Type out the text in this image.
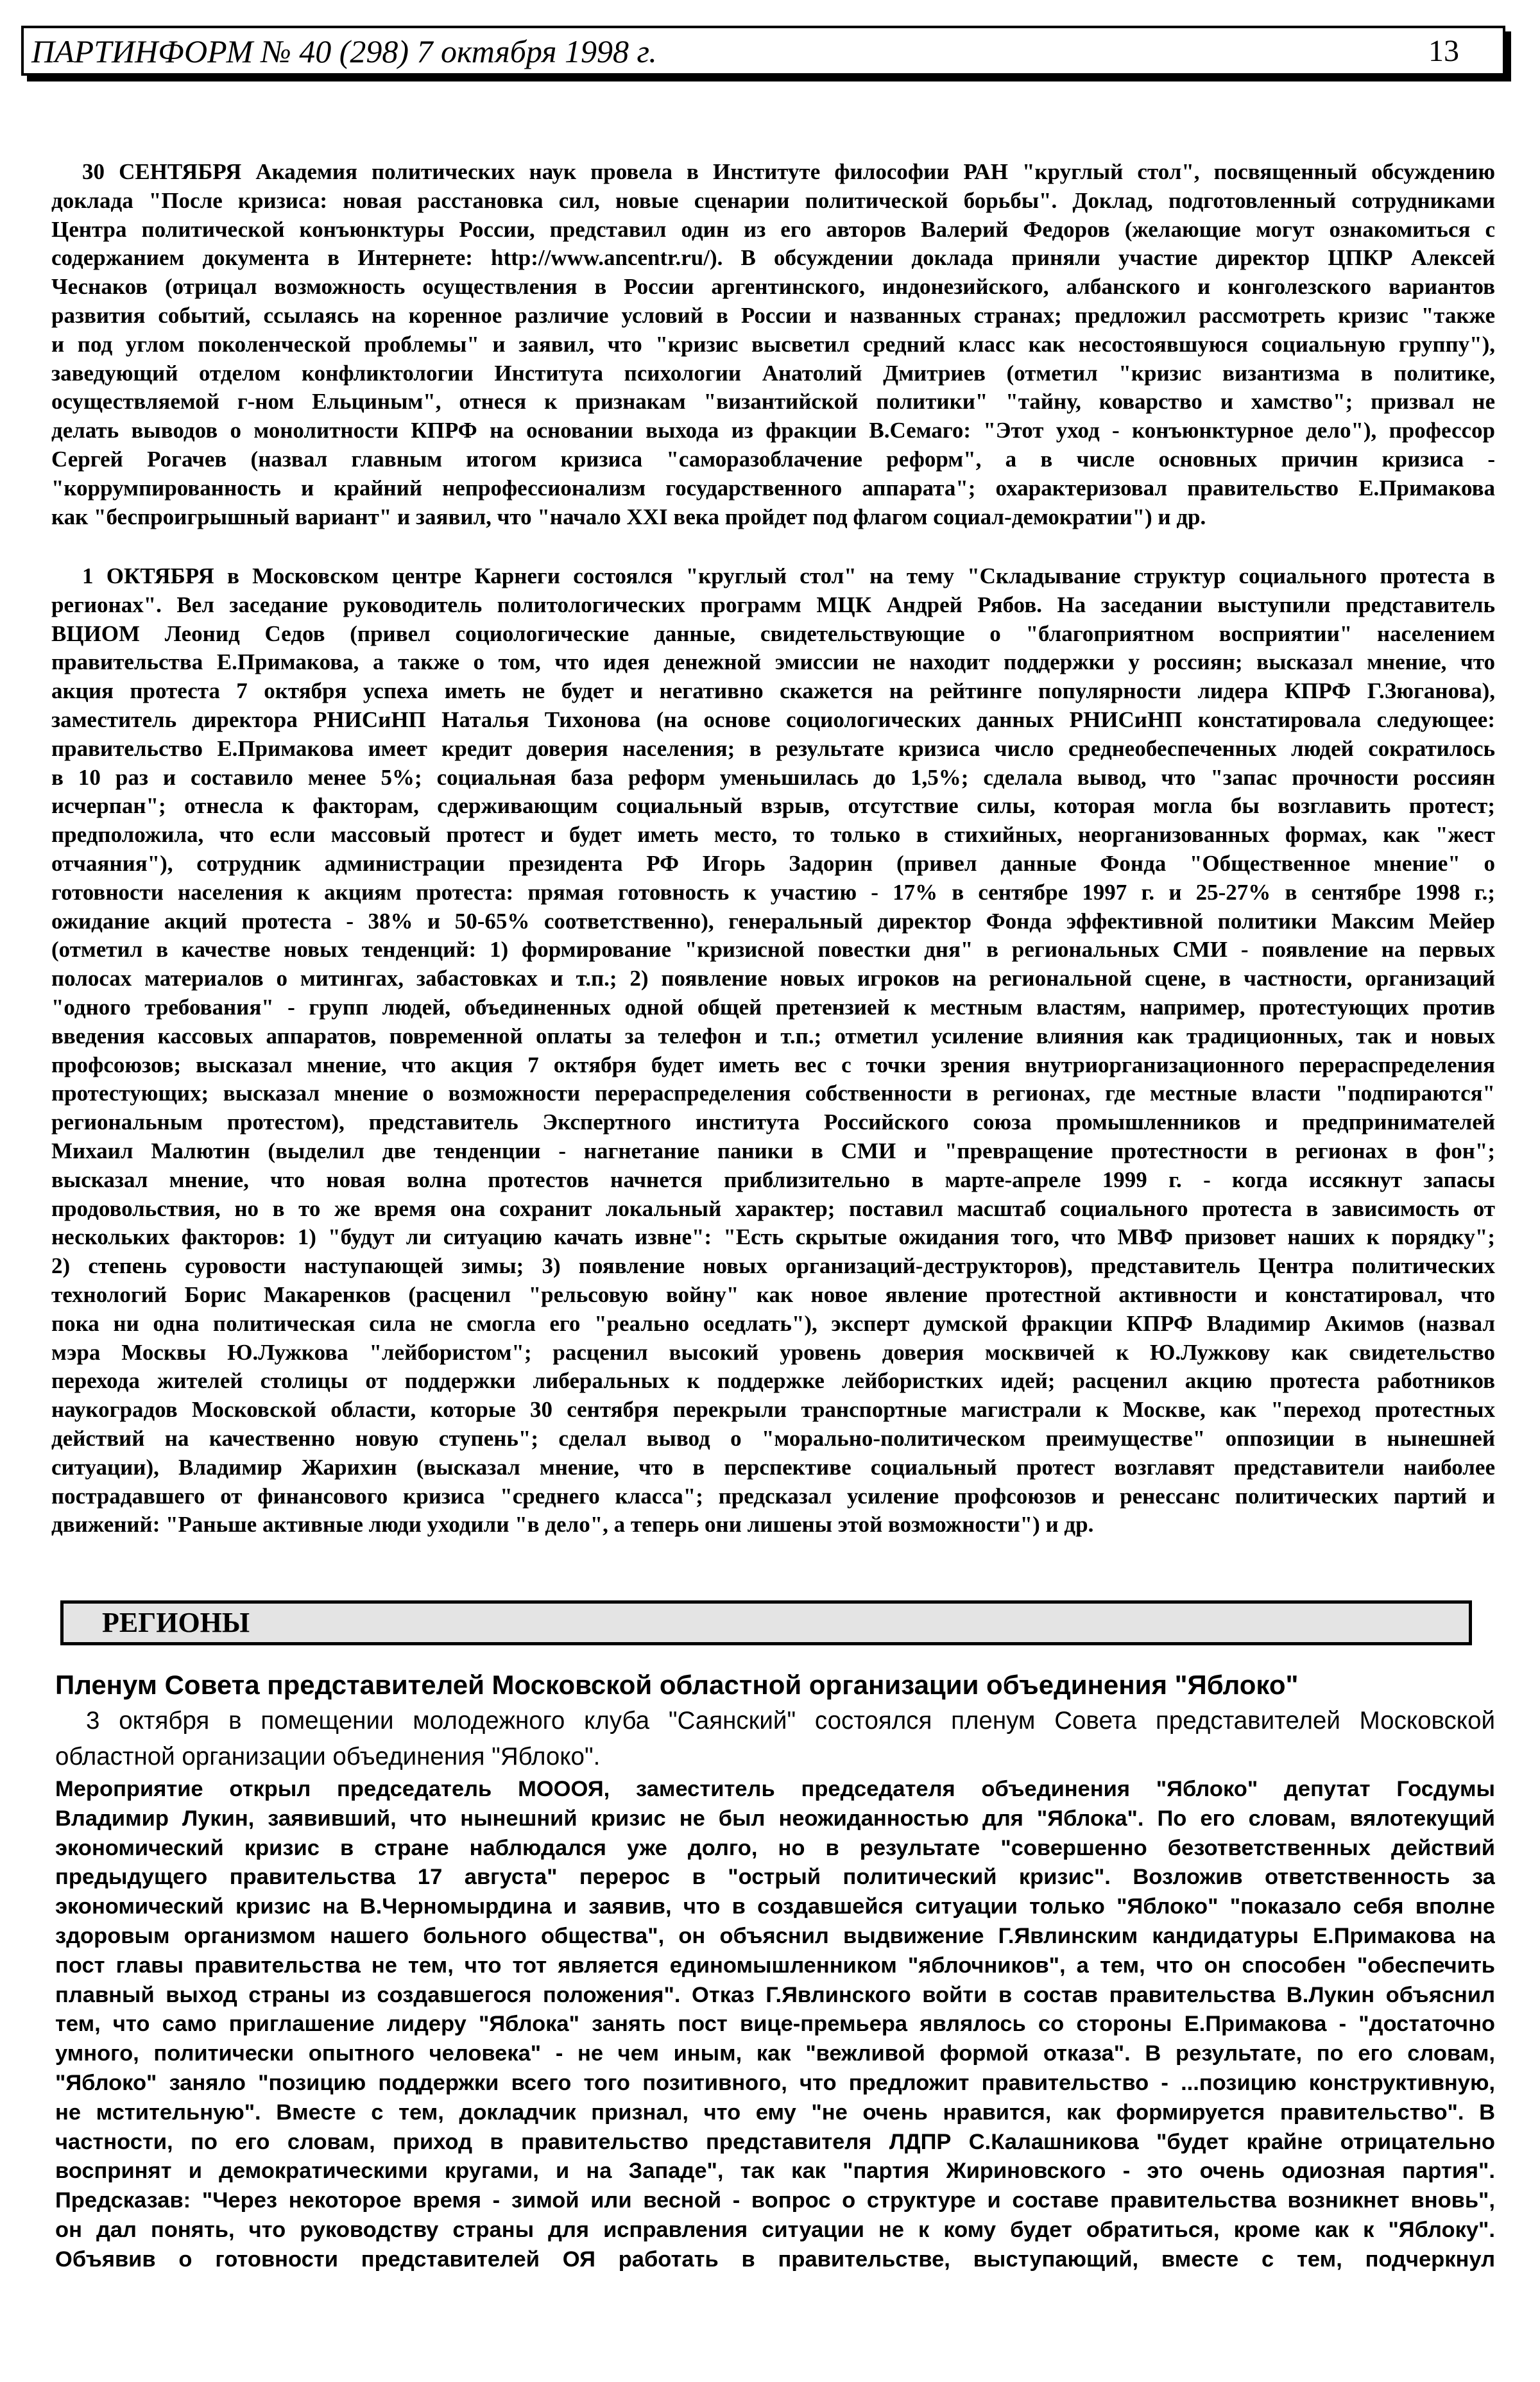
ПАРТИНФОРМ № 40 (298) 7 октября 1998 г.	13
30 СЕНТЯБРЯ Академия политических наук провела в Институте философии РАН "круглый стол", посвященный обсуждению
доклада "После кризиса: новая расстановка сил, новые сценарии политической борьбы". Доклад, подготовленный сотрудниками
Центра политической конъюнктуры России, представил один из его авторов Валерий Федоров (желающие могут ознакомиться с
содержанием документа в Интернете: http://www.ancentr.ru/). В обсуждении доклада приняли участие директор ЦПКР Алексей
Чеснаков (отрицал возможность осуществления в России аргентинского, индонезийского, албанского и конголезского вариантов
развития событий, ссылаясь на коренное различие условий в России и названных странах; предложил рассмотреть кризис "также
и под углом поколенческой проблемы" и заявил, что "кризис высветил средний класс как несостоявшуюся социальную группу"),
заведующий отделом конфликтологии Института психологии Анатолий Дмитриев (отметил "кризис византизма в политике,
осуществляемой г-ном Ельциным", отнеся к признакам "византийской политики" "тайну, коварство и хамство"; призвал не
делать выводов о монолитности КПРФ на основании выхода из фракции В.Семаго: "Этот уход - конъюнктурное дело"), профессор
Сергей Рогачев (назвал главным итогом кризиса "саморазоблачение реформ", а в числе основных причин кризиса -
"коррумпированность и крайний непрофессионализм государственного аппарата"; охарактеризовал правительство Е.Примакова
как "беспроигрышный вариант" и заявил, что "начало XXI века пройдет под флагом социал-демократии") и др.
1 ОКТЯБРЯ в Московском центре Карнеги состоялся "круглый стол" на тему "Складывание структур социального протеста в
регионах". Вел заседание руководитель политологических программ МЦК Андрей Рябов. На заседании выступили представитель
ВЦИОМ Леонид Седов (привел социологические данные, свидетельствующие о "благоприятном восприятии" населением
правительства Е.Примакова, а также о том, что идея денежной эмиссии не находит поддержки у россиян; высказал мнение, что
акция протеста 7 октября успеха иметь не будет и негативно скажется на рейтинге популярности лидера КПРФ Г.Зюганова),
заместитель директора РНИСиНП Наталья Тихонова (на основе социологических данных РНИСиНП констатировала следующее:
правительство Е.Примакова имеет кредит доверия населения; в результате кризиса число среднеобеспеченных людей сократилось
в 10 раз и составило менее 5%; социальная база реформ уменьшилась до 1,5%; сделала вывод, что "запас прочности россиян
исчерпан"; отнесла к факторам, сдерживающим социальный взрыв, отсутствие силы, которая могла бы возглавить протест;
предположила, что если массовый протест и будет иметь место, то только в стихийных, неорганизованных формах, как "жест
отчаяния"), сотрудник администрации президента РФ Игорь Задорин (привел данные Фонда "Общественное мнение" о
готовности населения к акциям протеста: прямая готовность к участию - 17% в сентябре 1997 г. и 25-27% в сентябре 1998 г.;
ожидание акций протеста - 38% и 50-65% соответственно), генеральный директор Фонда эффективной политики Максим Мейер
(отметил в качестве новых тенденций: 1) формирование "кризисной повестки дня" в региональных СМИ - появление на первых
полосах материалов о митингах, забастовках и т.п.; 2) появление новых игроков на региональной сцене, в частности, организаций
"одного требования" - групп людей, объединенных одной общей претензией к местным властям, например, протестующих против
введения кассовых аппаратов, повременной оплаты за телефон и т.п.; отметил усиление влияния как традиционных, так и новых
профсоюзов; высказал мнение, что акция 7 октября будет иметь вес с точки зрения внутриорганизационного перераспределения
протестующих; высказал мнение о возможности перераспределения собственности в регионах, где местные власти "подпираются"
региональным протестом), представитель Экспертного института Российского союза промышленников и предпринимателей
Михаил Малютин (выделил две тенденции - нагнетание паники в СМИ и "превращение протестности в регионах в фон";
высказал мнение, что новая волна протестов начнется приблизительно в марте-апреле 1999 г. - когда иссякнут запасы
продовольствия, но в то же время она сохранит локальный характер; поставил масштаб социального протеста в зависимость от
нескольких факторов: 1) "будут ли ситуацию качать извне": "Есть скрытые ожидания того, что МВФ призовет наших к порядку";
2) степень суровости наступающей зимы; 3) появление новых организаций-деструкторов), представитель Центра политических
технологий Борис Макаренков (расценил "рельсовую войну" как новое явление протестной активности и констатировал, что
пока ни одна политическая сила не смогла его "реально оседлать"), эксперт думской фракции КПРФ Владимир Акимов (назвал
мэра Москвы Ю.Лужкова "лейбористом"; расценил высокий уровень доверия москвичей к Ю.Лужкову как свидетельство
перехода жителей столицы от поддержки либеральных к поддержке лейбористких идей; расценил акцию протеста работников
наукоградов Московской области, которые 30 сентября перекрыли транспортные магистрали к Москве, как "переход протестных
действий на качественно новую ступень"; сделал вывод о "морально-политическом преимуществе" оппозиции в нынешней
ситуации), Владимир Жарихин (высказал мнение, что в перспективе социальный протест возглавят представители наиболее
пострадавшего от финансового кризиса "среднего класса"; предсказал усиление профсоюзов и ренессанс политических партий и
движений: "Раньше активные люди уходили "в дело", а теперь они лишены этой возможности") и др.
РЕГИОНЫ
Пленум Совета представителей Московской областной организации объединения "Яблоко"
3 октября в помещении молодежного клуба "Саянский" состоялся пленум Совета представителей Московской
областной организации объединения "Яблоко".
Мероприятие открыл председатель МОООЯ, заместитель председателя объединения "Яблоко" депутат Госдумы
Владимир Лукин, заявивший, что нынешний кризис не был неожиданностью для "Яблока". По его словам, вялотекущий
экономический кризис в стране наблюдался уже долго, но в результате "совершенно безответственных действий
предыдущего правительства 17 августа" перерос в "острый политический кризис". Возложив ответственность за
экономический кризис на В.Черномырдина и заявив, что в создавшейся ситуации только "Яблоко" "показало себя вполне
здоровым организмом нашего больного общества", он объяснил выдвижение Г.Явлинским кандидатуры Е.Примакова на
пост главы правительства не тем, что тот является единомышленником "яблочников", а тем, что он способен "обеспечить
плавный выход страны из создавшегося положения". Отказ Г.Явлинского войти в состав правительства В.Лукин объяснил
тем, что само приглашение лидеру "Яблока" занять пост вице-премьера являлось со стороны Е.Примакова - "достаточно
умного, политически опытного человека" - не чем иным, как "вежливой формой отказа". В результате, по его словам,
"Яблоко" заняло "позицию поддержки всего того позитивного, что предложит правительство - ...позицию конструктивную,
не мстительную". Вместе с тем, докладчик признал, что ему "не очень нравится, как формируется правительство". В
частности, по его словам, приход в правительство представителя ЛДПР С.Калашникова "будет крайне отрицательно
воспринят и демократическими кругами, и на Западе", так как "партия Жириновского - это очень одиозная партия".
Предсказав: "Через некоторое время - зимой или весной - вопрос о структуре и составе правительства возникнет вновь",
он дал понять, что руководству страны для исправления ситуации не к кому будет обратиться, кроме как к "Яблоку".
Объявив о готовности представителей ОЯ работать в правительстве, выступающий, вместе с тем, подчеркнул
